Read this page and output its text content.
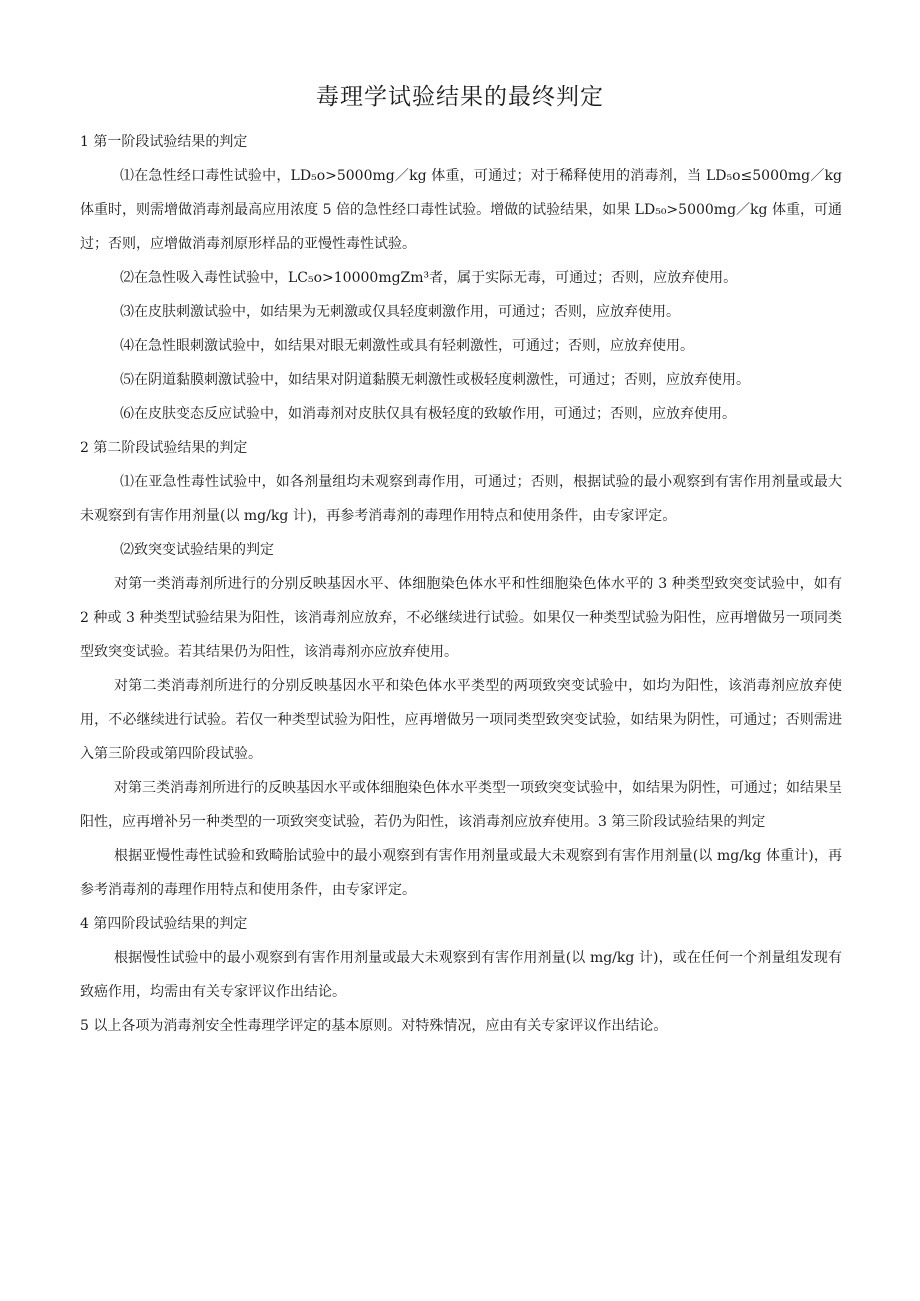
毒理学试验结果的最终判定

1 第一阶段试验结果的判定

⑴在急性经口毒性试验中，LD₅o>5000mg／kg 体重，可通过；对于稀释使用的消毒剂，当 LD₅o≤5000mg／kg 体重时，则需增做消毒剂最高应用浓度 5 倍的急性经口毒性试验。增做的试验结果，如果 LD₅₀>5000mg／kg 体重，可通过；否则，应增做消毒剂原形样品的亚慢性毒性试验。

⑵在急性吸入毒性试验中，LC₅o>10000mgZm³者，属于实际无毒，可通过；否则，应放弃使用。

⑶在皮肤刺激试验中，如结果为无刺激或仅具轻度刺激作用，可通过；否则，应放弃使用。

⑷在急性眼刺激试验中，如结果对眼无刺激性或具有轻刺激性，可通过；否则，应放弃使用。

⑸在阴道黏膜刺激试验中，如结果对阴道黏膜无刺激性或极轻度刺激性，可通过；否则，应放弃使用。

⑹在皮肤变态反应试验中，如消毒剂对皮肤仅具有极轻度的致敏作用，可通过；否则，应放弃使用。

2 第二阶段试验结果的判定

⑴在亚急性毒性试验中，如各剂量组均未观察到毒作用，可通过；否则，根据试验的最小观察到有害作用剂量或最大未观察到有害作用剂量(以 mg/kg 计)，再参考消毒剂的毒理作用特点和使用条件，由专家评定。

⑵致突变试验结果的判定

对第一类消毒剂所进行的分别反映基因水平、体细胞染色体水平和性细胞染色体水平的 3 种类型致突变试验中，如有 2 种或 3 种类型试验结果为阳性，该消毒剂应放弃，不必继续进行试验。如果仅一种类型试验为阳性，应再增做另一项同类型致突变试验。若其结果仍为阳性，该消毒剂亦应放弃使用。

对第二类消毒剂所进行的分别反映基因水平和染色体水平类型的两项致突变试验中，如均为阳性，该消毒剂应放弃使用，不必继续进行试验。若仅一种类型试验为阳性，应再增做另一项同类型致突变试验，如结果为阴性，可通过；否则需进入第三阶段或第四阶段试验。

对第三类消毒剂所进行的反映基因水平或体细胞染色体水平类型一项致突变试验中，如结果为阴性，可通过；如结果呈阳性，应再增补另一种类型的一项致突变试验，若仍为阳性，该消毒剂应放弃使用。3 第三阶段试验结果的判定

根据亚慢性毒性试验和致畸胎试验中的最小观察到有害作用剂量或最大未观察到有害作用剂量(以 mg/kg 体重计)，再参考消毒剂的毒理作用特点和使用条件，由专家评定。

4 第四阶段试验结果的判定

根据慢性试验中的最小观察到有害作用剂量或最大未观察到有害作用剂量(以 mg/kg 计)，或在任何一个剂量组发现有致癌作用，均需由有关专家评议作出结论。

5 以上各项为消毒剂安全性毒理学评定的基本原则。对特殊情况，应由有关专家评议作出结论。
